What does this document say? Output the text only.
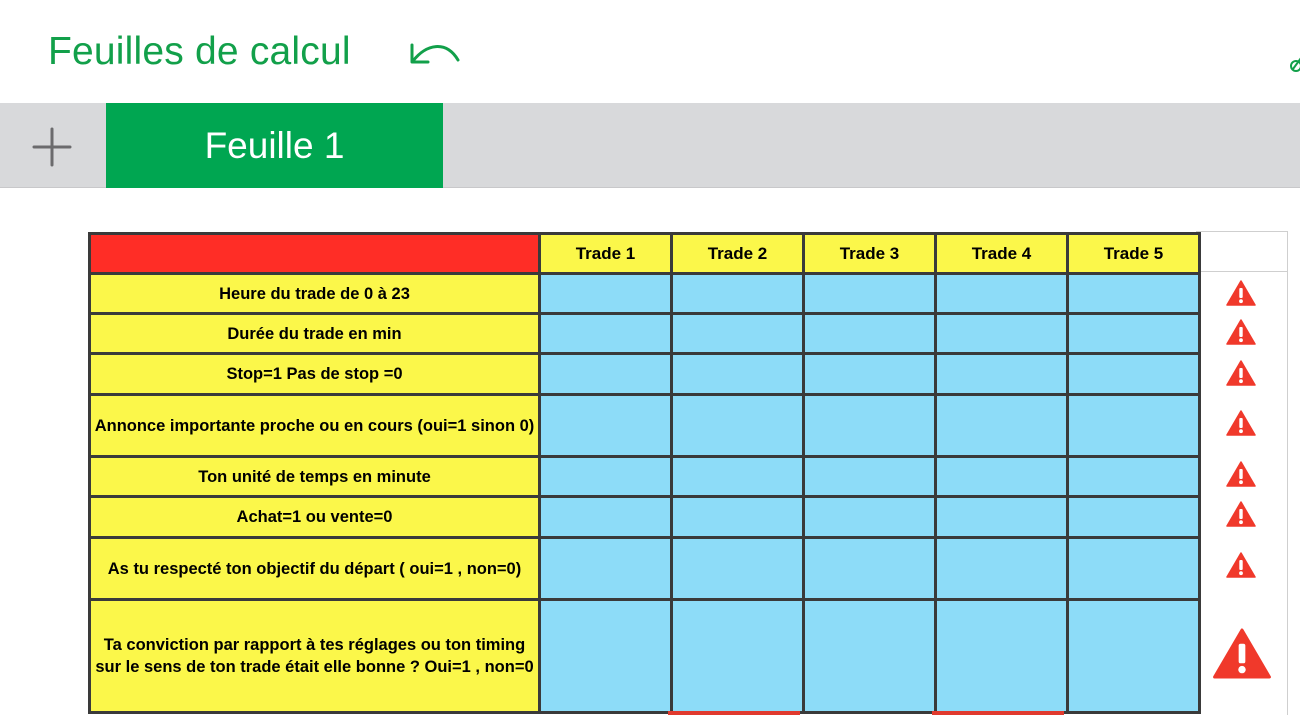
Feuilles de calcul
Feuille 1
	Trade 1	Trade 2	Trade 3	Trade 4	Trade 5
Heure du trade de 0 à 23					
Durée du trade en min					
Stop=1 Pas de stop =0					
Annonce importante proche ou en cours (oui=1 sinon 0)					
Ton unité de temps en minute					
Achat=1 ou vente=0					
As tu respecté ton objectif du départ ( oui=1 , non=0)					
Ta conviction par rapport à tes réglages ou ton timing sur le sens de ton trade était elle bonne ? Oui=1 , non=0					
